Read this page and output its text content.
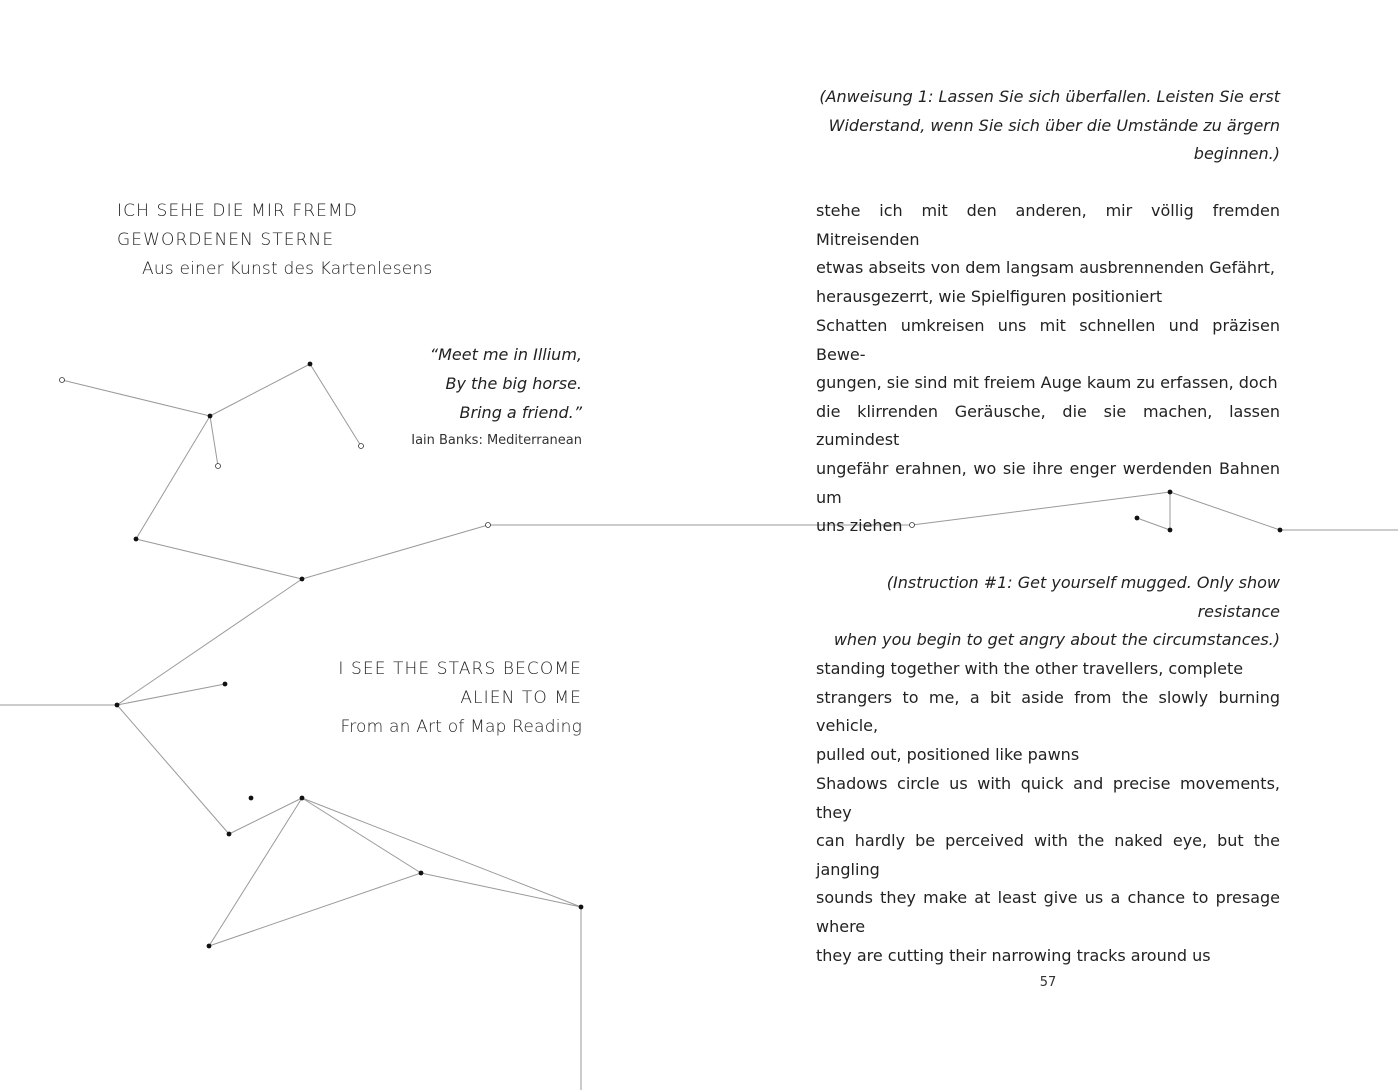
ICH SEHE DIE MIR FREMD
GEWORDENEN STERNE
Aus einer Kunst des Kartenlesens
“Meet me in Illium,
By the big horse.
Bring a friend.”
Iain Banks: Mediterranean
I SEE THE STARS BECOME
ALIEN TO ME
From an Art of Map Reading
(Anweisung 1: Lassen Sie sich überfallen. Leisten Sie erst
Widerstand, wenn Sie sich über die Umstände zu ärgern
beginnen.)

stehe ich mit den anderen, mir völlig fremden Mitreisenden
etwas abseits von dem langsam ausbrennenden Gefährt,
herausgezerrt, wie Spielfiguren positioniert

Schatten umkreisen uns mit schnellen und präzisen Bewe-
gungen, sie sind mit freiem Auge kaum zu erfassen, doch
die klirrenden Geräusche, die sie machen, lassen zumindest
ungefähr erahnen, wo sie ihre enger werdenden Bahnen um
uns ziehen

(Instruction #1: Get yourself mugged. Only show resistance
when you begin to get angry about the circumstances.)

standing together with the other travellers, complete
strangers to me, a bit aside from the slowly burning vehicle,
pulled out, positioned like pawns

Shadows circle us with quick and precise movements, they
can hardly be perceived with the naked eye, but the jangling
sounds they make at least give us a chance to presage where
they are cutting their narrowing tracks around us

57
